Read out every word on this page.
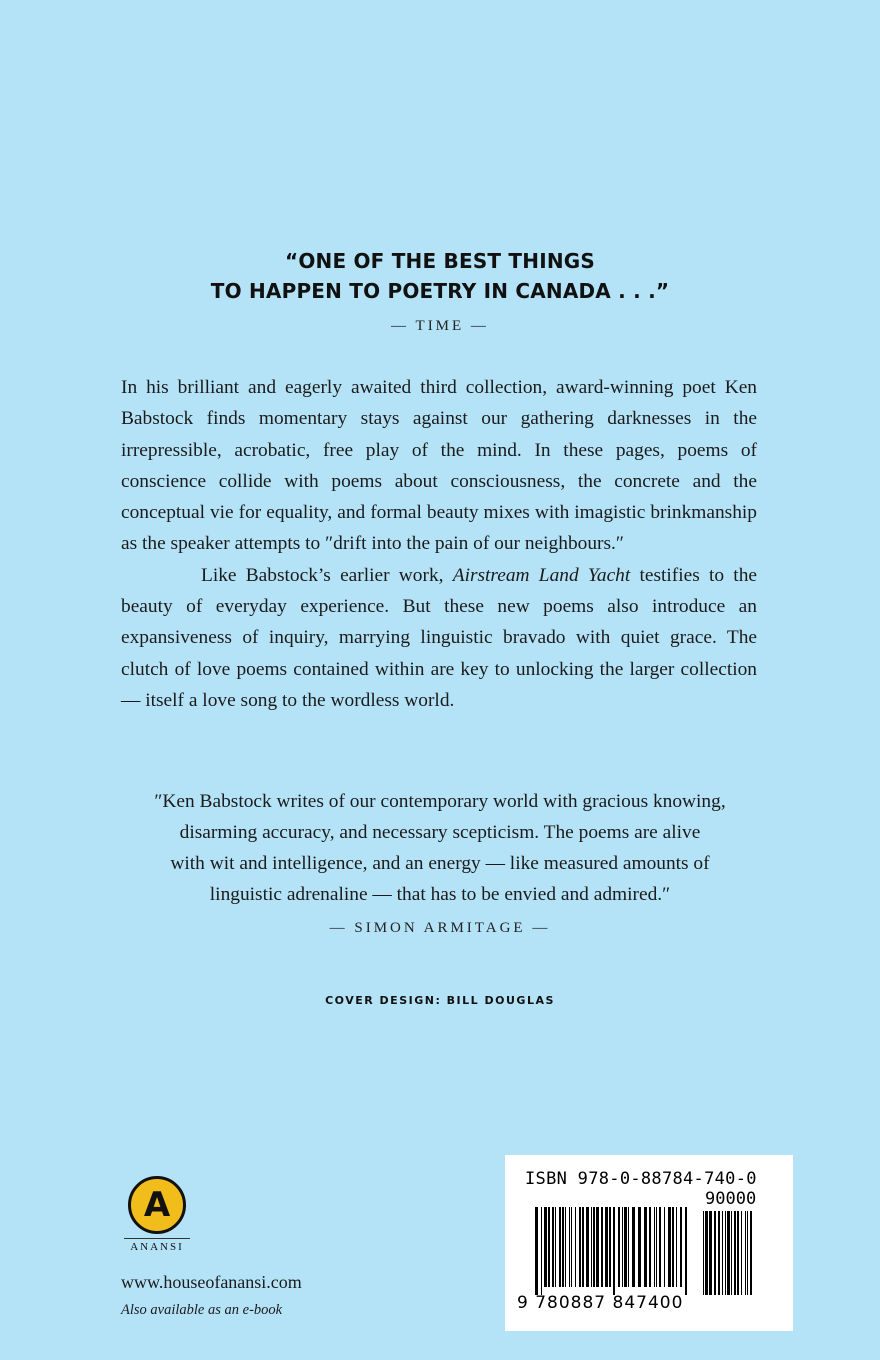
“ONE OF THE BEST THINGS
TO HAPPEN TO POETRY IN CANADA . . .”
— TIME —

In his brilliant and eagerly awaited third collection, award-winning poet Ken Babstock finds momentary stays against our gathering darknesses in the irrepressible, acrobatic, free play of the mind. In these pages, poems of conscience collide with poems about consciousness, the concrete and the conceptual vie for equality, and formal beauty mixes with imagistic brinkmanship as the speaker attempts to ″drift into the pain of our neighbours.″

Like Babstock’s earlier work, Airstream Land Yacht testifies to the beauty of everyday experience. But these new poems also introduce an expansiveness of inquiry, marrying linguistic bravado with quiet grace. The clutch of love poems contained within are key to unlocking the larger collection — itself a love song to the wordless world.

″Ken Babstock writes of our contemporary world with gracious knowing,
disarming accuracy, and necessary scepticism. The poems are alive
with wit and intelligence, and an energy — like measured amounts of
linguistic adrenaline — that has to be envied and admired.″
— SIMON ARMITAGE —
COVER DESIGN: BILL DOUGLAS
A
ANANSI
www.houseofanansi.com
Also available as an e-book
ISBN 978-0-88784-740-0
90000
9 780887 847400
